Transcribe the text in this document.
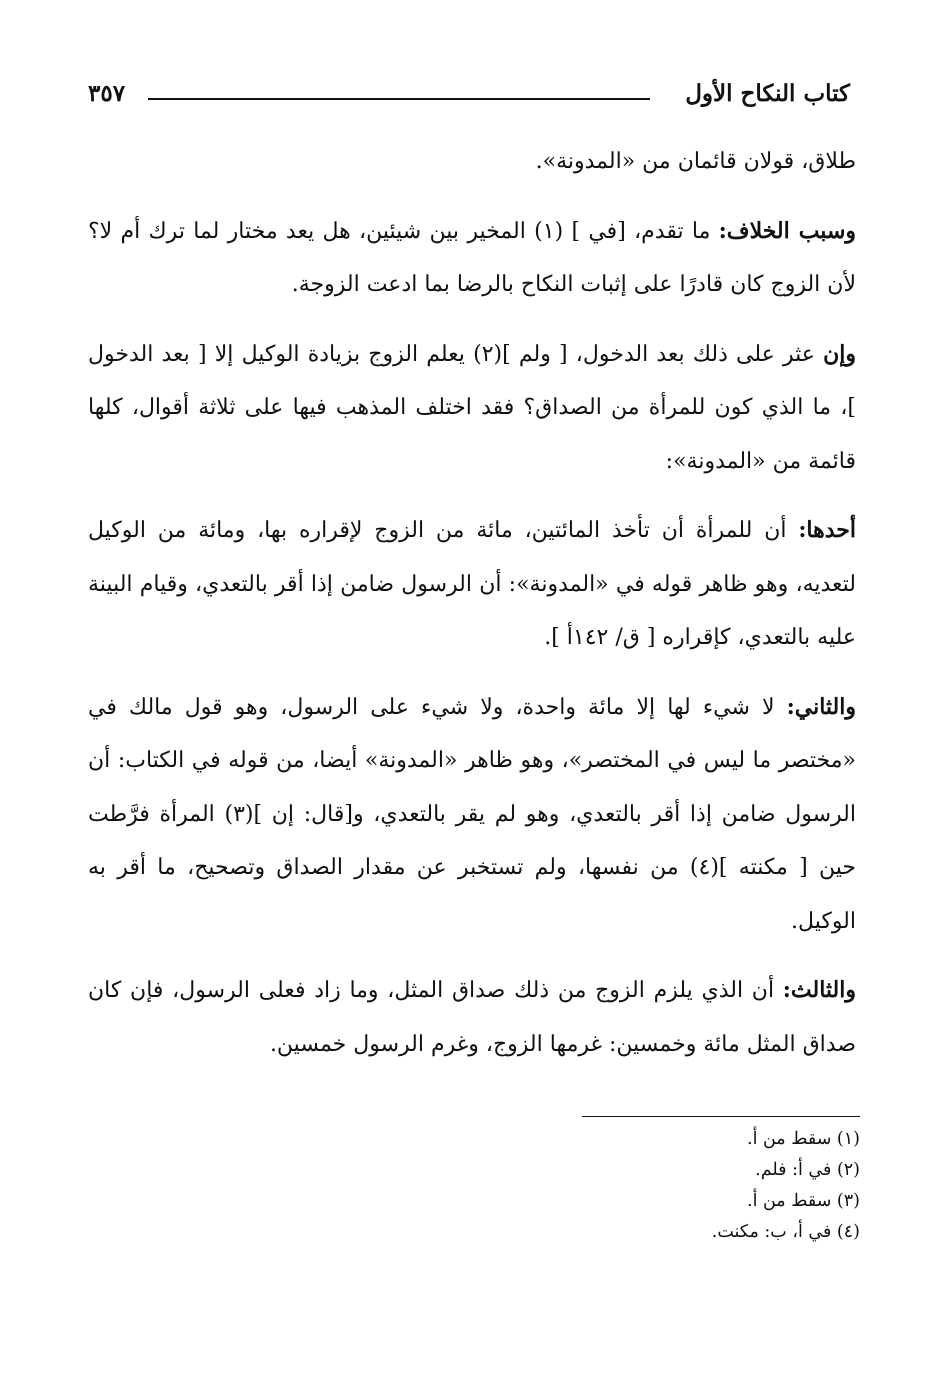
كتاب النكاح الأول
٣٥٧

طلاق، قولان قائمان من «المدونة».

وسبب الخلاف: ما تقدم، [في ] (١) المخير بين شيئين، هل يعد مختار لما ترك أم لا؟ لأن الزوج كان قادرًا على إثبات النكاح بالرضا بما ادعت الزوجة.

وإن عثر على ذلك بعد الدخول، [ ولم ](٢) يعلم الزوج بزيادة الوكيل إلا [ بعد الدخول ]، ما الذي كون للمرأة من الصداق؟ فقد اختلف المذهب فيها على ثلاثة أقوال، كلها قائمة من «المدونة»:

أحدها: أن للمرأة أن تأخذ المائتين، مائة من الزوج لإقراره بها، ومائة من الوكيل لتعديه، وهو ظاهر قوله في «المدونة»: أن الرسول ضامن إذا أقر بالتعدي، وقيام البينة عليه بالتعدي، كإقراره [ ق/ ١٤٢أ ].

والثاني: لا شيء لها إلا مائة واحدة، ولا شيء على الرسول، وهو قول مالك في «مختصر ما ليس في المختصر»، وهو ظاهر «المدونة» أيضا، من قوله في الكتاب: أن الرسول ضامن إذا أقر بالتعدي، وهو لم يقر بالتعدي، و[قال: إن ](٣) المرأة فرَّطت حين [ مكنته ](٤) من نفسها، ولم تستخبر عن مقدار الصداق وتصحيح، ما أقر به الوكيل.

والثالث: أن الذي يلزم الزوج من ذلك صداق المثل، وما زاد فعلى الرسول، فإن كان صداق المثل مائة وخمسين: غرمها الزوج، وغرم الرسول خمسين.

(١) سقط من أ.
(٢) في أ: فلم.
(٣) سقط من أ.
(٤) في أ، ب: مكنت.
